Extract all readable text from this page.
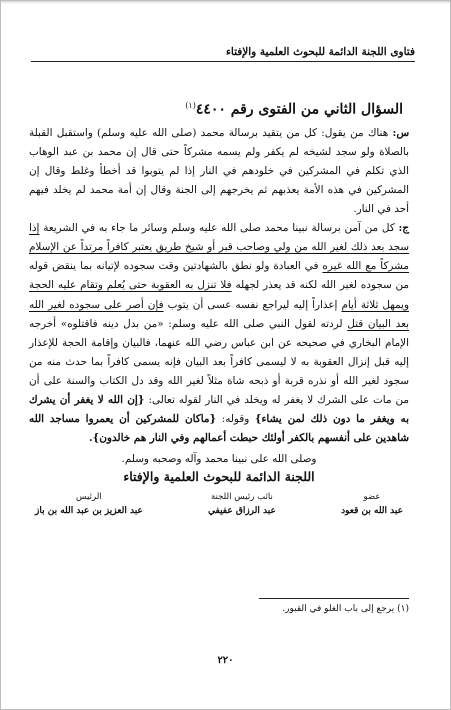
فتاوى اللجنة الدائمة للبحوث العلمية والإفتاء
السؤال الثاني من الفتوى رقم ٤٤٠٠$^{(١)}$

س: هناك من يقول: كل من يتقيد برسالة محمد (صلى الله عليه وسلم) واستقبل القبلة بالصلاة ولو سجد لشيخه لم يكفر ولم يسمه مشركاً حتى قال إن محمد بن عبد الوهاب الذي تكلم في المشركين في خلودهم في النار إذا لم يتوبوا قد أخطأ وغلط وقال إن المشركين في هذه الأمة يعذبهم ثم يخرجهم إلى الجنة وقال إن أمة محمد لم يخلد فيهم أحد في النار.

ج: كل من آمن برسالة نبينا محمد صلى الله عليه وسلم وسائر ما جاء به في الشريعة إذا سجد بعد ذلك لغير الله من ولي وصاحب قبر أو شيخ طريق يعتبر كافراً مرتداً عن الإسلام مشركاً مع الله غيره في العبادة ولو نطق بالشهادتين وقت سجوده لإتيانه بما ينقض قوله من سجوده لغير الله لكنه قد يعذر لجهله فلا تنزل به العقوبة حتى يُعلم وتقام عليه الحجة ويمهل ثلاثة أيام إعذاراً إليه ليراجع نفسه عسى أن يتوب فإن أصر على سجوده لغير الله بعد البيان قتل لردته لقول النبي صلى الله عليه وسلم: «من بدل دينه فاقتلوه» أخرجه الإمام البخاري في صحيحه عن ابن عباس رضي الله عنهما، فالبيان وإقامة الحجة للإعذار إليه قبل إنزال العقوبة به لا ليسمى كافراً بعد البيان فإنه يسمى كافراً بما حدث منه من سجود لغير الله أو نذره قربة أو ذبحه شاة مثلاً لغير الله وقد دل الكتاب والسنة على أن من مات على الشرك لا يغفر له ويخلد في النار لقوله تعالى: {إن الله لا يغفر أن يشرك به ويغفر ما دون ذلك لمن يشاء} وقوله: {ماكان للمشركين أن يعمروا مساجد الله شاهدين على أنفسهم بالكفر أولئك حبطت أعمالهم وفي النار هم خالدون}.

وصلى الله على نبينا محمد وآله وصحبه وسلم.

اللجنة الدائمة للبحوث العلمية والإفتاء

عضو
عبد الله بن قعود
نائب رئيس اللجنة
عبد الرزاق عفيفي
الرئيس
عبد العزيز بن عبد الله بن باز
(١) يرجع إلى باب الغلو في القبور.
٢٢٠
